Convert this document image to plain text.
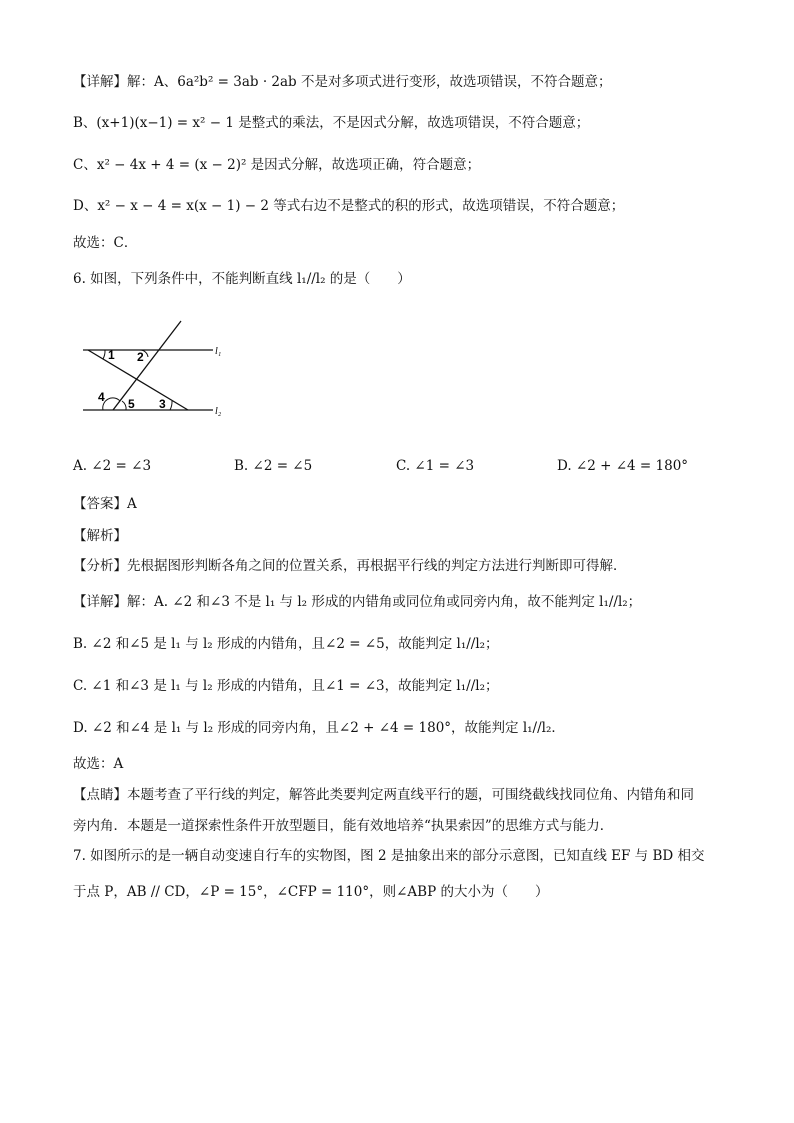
【详解】解：A、6a²b² = 3ab · 2ab 不是对多项式进行变形，故选项错误，不符合题意；
B、(x+1)(x−1) = x² − 1 是整式的乘法，不是因式分解，故选项错误，不符合题意；
C、x² − 4x + 4 = (x − 2)² 是因式分解，故选项正确，符合题意；
D、x² − x − 4 = x(x − 1) − 2 等式右边不是整式的积的形式，故选项错误，不符合题意；
故选：C．
6. 如图，下列条件中，不能判断直线 l₁//l₂ 的是（　　）
1 2
3
4 5
l₁
l₂
A. ∠2 = ∠3	B. ∠2 = ∠5	C. ∠1 = ∠3	D. ∠2 + ∠4 = 180°
【答案】A
【解析】
【分析】先根据图形判断各角之间的位置关系，再根据平行线的判定方法进行判断即可得解．
【详解】解：A. ∠2 和∠3 不是 l₁ 与 l₂ 形成的内错角或同位角或同旁内角，故不能判定 l₁//l₂；
B. ∠2 和∠5 是 l₁ 与 l₂ 形成的内错角，且∠2 = ∠5，故能判定 l₁//l₂；
C. ∠1 和∠3 是 l₁ 与 l₂ 形成的内错角，且∠1 = ∠3，故能判定 l₁//l₂；
D. ∠2 和∠4 是 l₁ 与 l₂ 形成的同旁内角，且∠2 + ∠4 = 180°，故能判定 l₁//l₂．
故选：A
【点睛】本题考查了平行线的判定，解答此类要判定两直线平行的题，可围绕截线找同位角、内错角和同
旁内角．本题是一道探索性条件开放型题目，能有效地培养“执果索因”的思维方式与能力．
7. 如图所示的是一辆自动变速自行车的实物图，图 2 是抽象出来的部分示意图，已知直线 EF 与 BD 相交
于点 P，AB // CD，∠P = 15°，∠CFP = 110°，则∠ABP 的大小为（　　）
